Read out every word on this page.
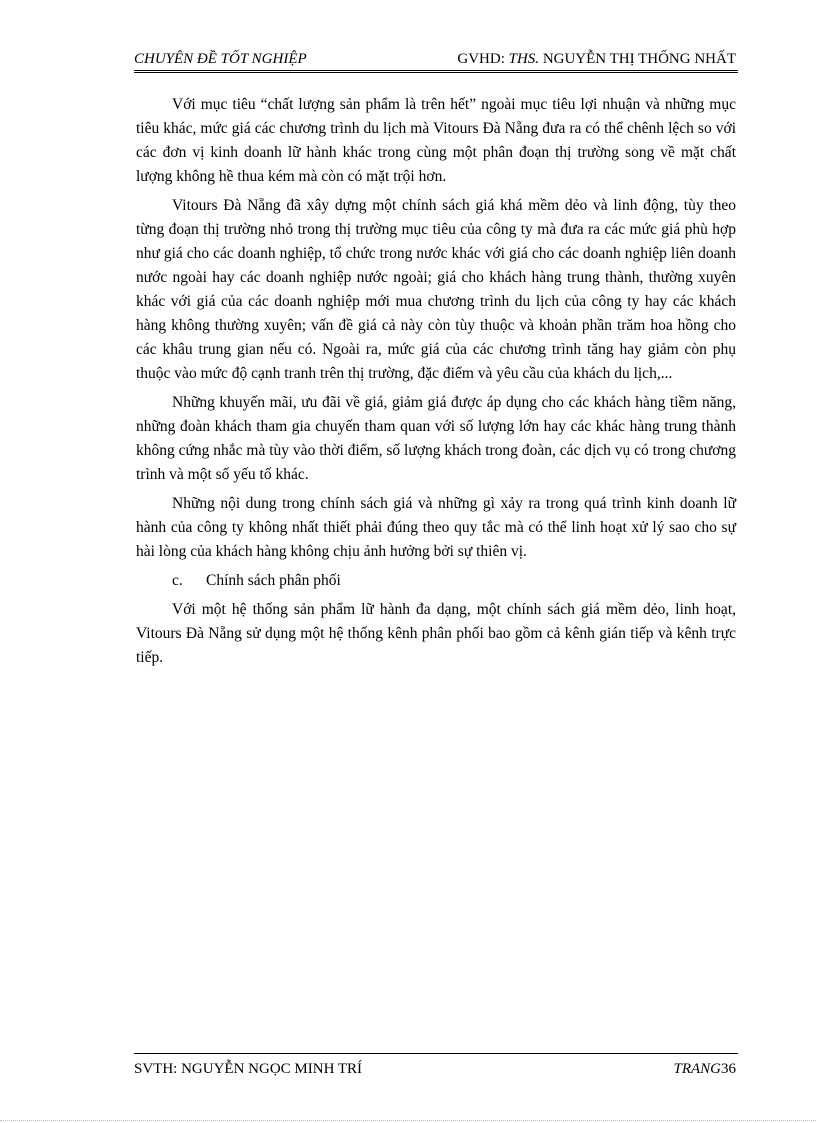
CHUYÊN ĐỀ TỐT NGHIỆP	GVHD: THS. NGUYỄN THỊ THỐNG NHẤT

Với mục tiêu “chất lượng sản phẩm là trên hết” ngoài mục tiêu lợi nhuận và những mục tiêu khác, mức giá các chương trình du lịch mà Vitours Đà Nẵng đưa ra có thể chênh lệch so với các đơn vị kinh doanh lữ hành khác trong cùng một phân đoạn thị trường song về mặt chất lượng không hề thua kém mà còn có mặt trội hơn.

Vitours Đà Nẵng đã xây dựng một chính sách giá khá mềm dẻo và linh động, tùy theo từng đoạn thị trường nhỏ trong thị trường mục tiêu của công ty mà đưa ra các mức giá phù hợp như giá cho các doanh nghiệp, tổ chức trong nước khác với giá cho các doanh nghiệp liên doanh nước ngoài hay các doanh nghiệp nước ngoài; giá cho khách hàng trung thành, thường xuyên khác với giá của các doanh nghiệp mới mua chương trình du lịch của công ty hay các khách hàng không thường xuyên; vấn đề giá cả này còn tùy thuộc và khoản phần trăm hoa hồng cho các khâu trung gian nếu có. Ngoài ra, mức giá của các chương trình tăng hay giảm còn phụ thuộc vào mức độ cạnh tranh trên thị trường, đặc điểm và yêu cầu của khách du lịch,...

Những khuyến mãi, ưu đãi về giá, giảm giá được áp dụng cho các khách hàng tiềm năng, những đoàn khách tham gia chuyến tham quan với số lượng lớn hay các khác hàng trung thành không cứng nhắc mà tùy vào thời điểm, số lượng khách trong đoàn, các dịch vụ có trong chương trình và một số yếu tố khác.

Những nội dung trong chính sách giá và những gì xảy ra trong quá trình kinh doanh lữ hành của công ty không nhất thiết phải đúng theo quy tắc mà có thể linh hoạt xử lý sao cho sự hài lòng của khách hàng không chịu ảnh hưởng bởi sự thiên vị.

c. Chính sách phân phối

Với một hệ thống sản phẩm lữ hành đa dạng, một chính sách giá mềm dẻo, linh hoạt, Vitours Đà Nẵng sử dụng một hệ thống kênh phân phối bao gồm cả kênh gián tiếp và kênh trực tiếp.

SVTH: NGUYỄN NGỌC MINH TRÍ	TRANG36
